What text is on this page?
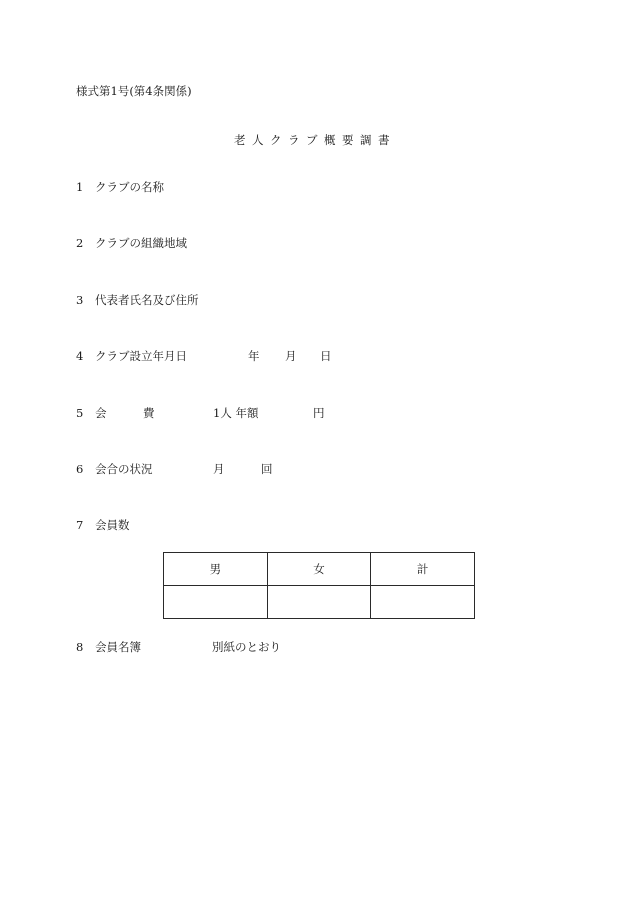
様式第1号(第4条関係)
老 人 ク ラ ブ 概 要 調 書
1 クラブの名称
2 クラブの組織地域
3 代表者氏名及び住所
4 クラブ設立年月日	年 月 日
5 会	費	1人 年額	円
6 会合の状況	月	回
7 会員数
男	女	計

8 会員名簿	別紙のとおり
